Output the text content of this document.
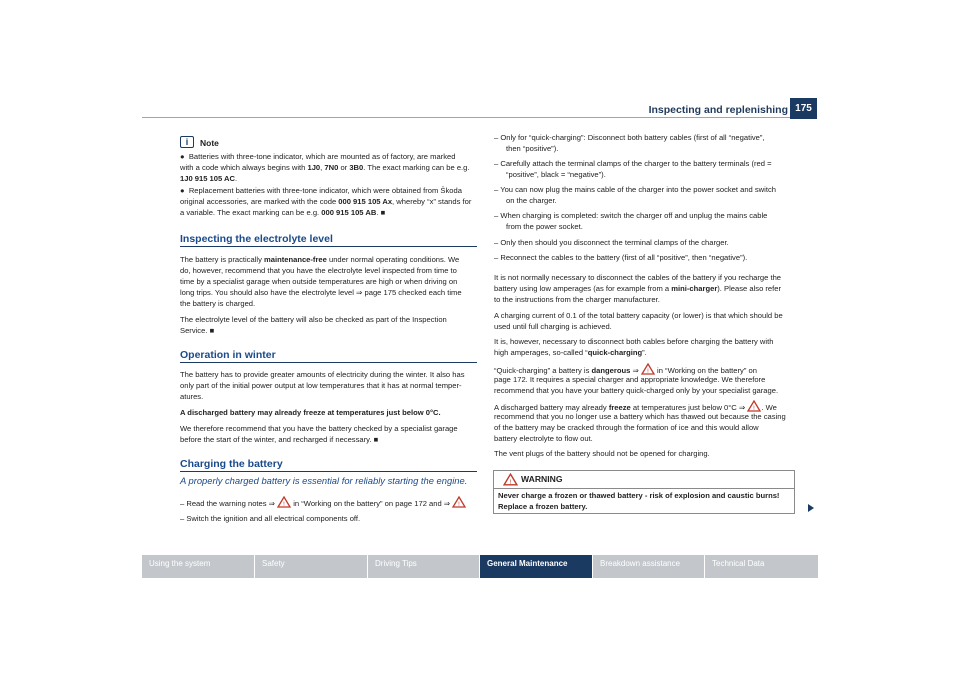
Inspecting and replenishing 175
i	Note
● Batteries with three-tone indicator, which are mounted as of factory, are marked
with a code which always begins with 1J0, 7N0 or 3B0. The exact marking can be e.g.
1J0 915 105 AC.
● Replacement batteries with three-tone indicator, which were obtained from Škoda
original accessories, are marked with the code 000 915 105 Ax, whereby “x” stands for
a variable. The exact marking can be e.g. 000 915 105 AB. ■
Inspecting the electrolyte level
The battery is practically maintenance-free under normal operating conditions. We
do, however, recommend that you have the electrolyte level inspected from time to
time by a specialist garage when outside temperatures are high or when driving on
long trips. You should also have the electrolyte level ⇒ page 175 checked each time
the battery is charged.
The electrolyte level of the battery will also be checked as part of the Inspection
Service. ■
Operation in winter
The battery has to provide greater amounts of electricity during the winter. It also has
only part of the initial power output at low temperatures that it has at normal temper-
atures.
A discharged battery may already freeze at temperatures just below 0°C.
We therefore recommend that you have the battery checked by a specialist garage
before the start of the winter, and recharged if necessary. ■
Charging the battery
A properly charged battery is essential for reliably starting the engine.
– Read the warning notes ⇒ ! in “Working on the battery” on page 172 and ⇒ !
– Switch the ignition and all electrical components off.
– Only for “quick-charging”: Disconnect both battery cables (first of all “negative”,
then “positive”).
– Carefully attach the terminal clamps of the charger to the battery terminals (red =
“positive”, black = “negative”).
– You can now plug the mains cable of the charger into the power socket and switch
on the charger.
– When charging is completed: switch the charger off and unplug the mains cable
from the power socket.
– Only then should you disconnect the terminal clamps of the charger.
– Reconnect the cables to the battery (first of all “positive”, then “negative”).
It is not normally necessary to disconnect the cables of the battery if you recharge the
battery using low amperages (as for example from a mini-charger). Please also refer
to the instructions from the charger manufacturer.
A charging current of 0.1 of the total battery capacity (or lower) is that which should be
used until full charging is achieved.
It is, however, necessary to disconnect both cables before charging the battery with
high amperages, so-called “quick-charging”.
“Quick-charging” a battery is dangerous ⇒ ! in “Working on the battery” on
page 172. It requires a special charger and appropriate knowledge. We therefore
recommend that you have your battery quick-charged only by your specialist garage.
A discharged battery may already freeze at temperatures just below 0°C ⇒ ! . We
recommend that you no longer use a battery which has thawed out because the casing
of the battery may be cracked through the formation of ice and this would allow
battery electrolyte to flow out.
The vent plugs of the battery should not be opened for charging.
! WARNING
Never charge a frozen or thawed battery - risk of explosion and caustic burns!
Replace a frozen battery.
Using the system	Safety	Driving Tips	General Maintenance	Breakdown assistance	Technical Data
